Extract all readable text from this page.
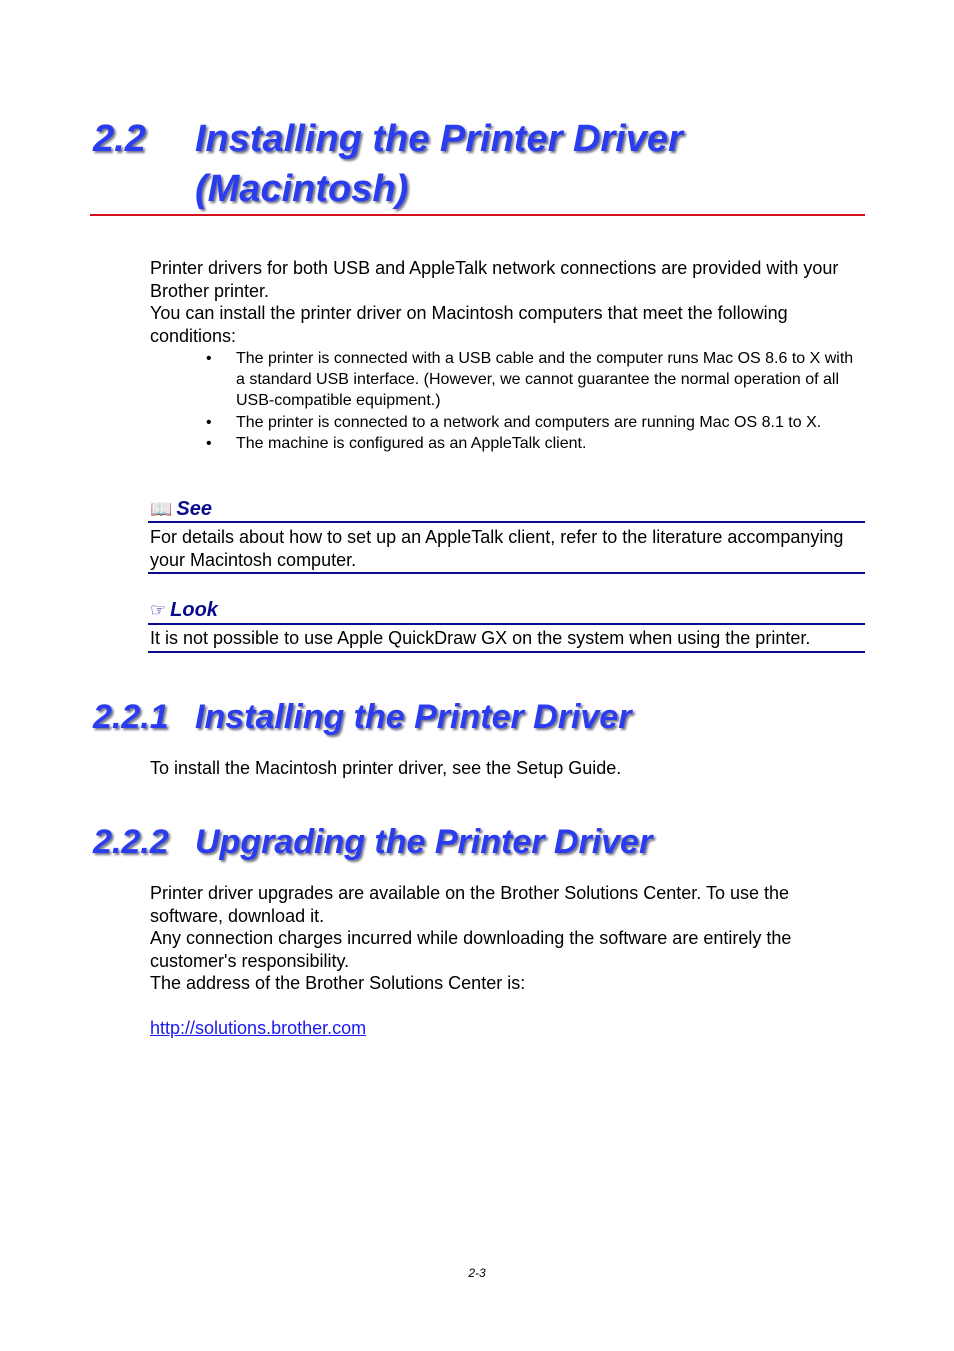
2.2 Installing the Printer Driver
(Macintosh)

Printer drivers for both USB and AppleTalk network connections are provided with your Brother printer.

You can install the printer driver on Macintosh computers that meet the following conditions:

• The printer is connected with a USB cable and the computer runs Mac OS 8.6 to X with a standard USB interface. (However, we cannot guarantee the normal operation of all USB-compatible equipment.)
• The printer is connected to a network and computers are running Mac OS 8.1 to X.
• The machine is configured as an AppleTalk client.
📖 See

For details about how to set up an AppleTalk client, refer to the literature accompanying your Macintosh computer.

☞ Look

It is not possible to use Apple QuickDraw GX on the system when using the printer.

2.2.1 Installing the Printer Driver

To install the Macintosh printer driver, see the Setup Guide.

2.2.2 Upgrading the Printer Driver

Printer driver upgrades are available on the Brother Solutions Center. To use the software, download it.

Any connection charges incurred while downloading the software are entirely the customer's responsibility.

The address of the Brother Solutions Center is:

http://solutions.brother.com

2-3
